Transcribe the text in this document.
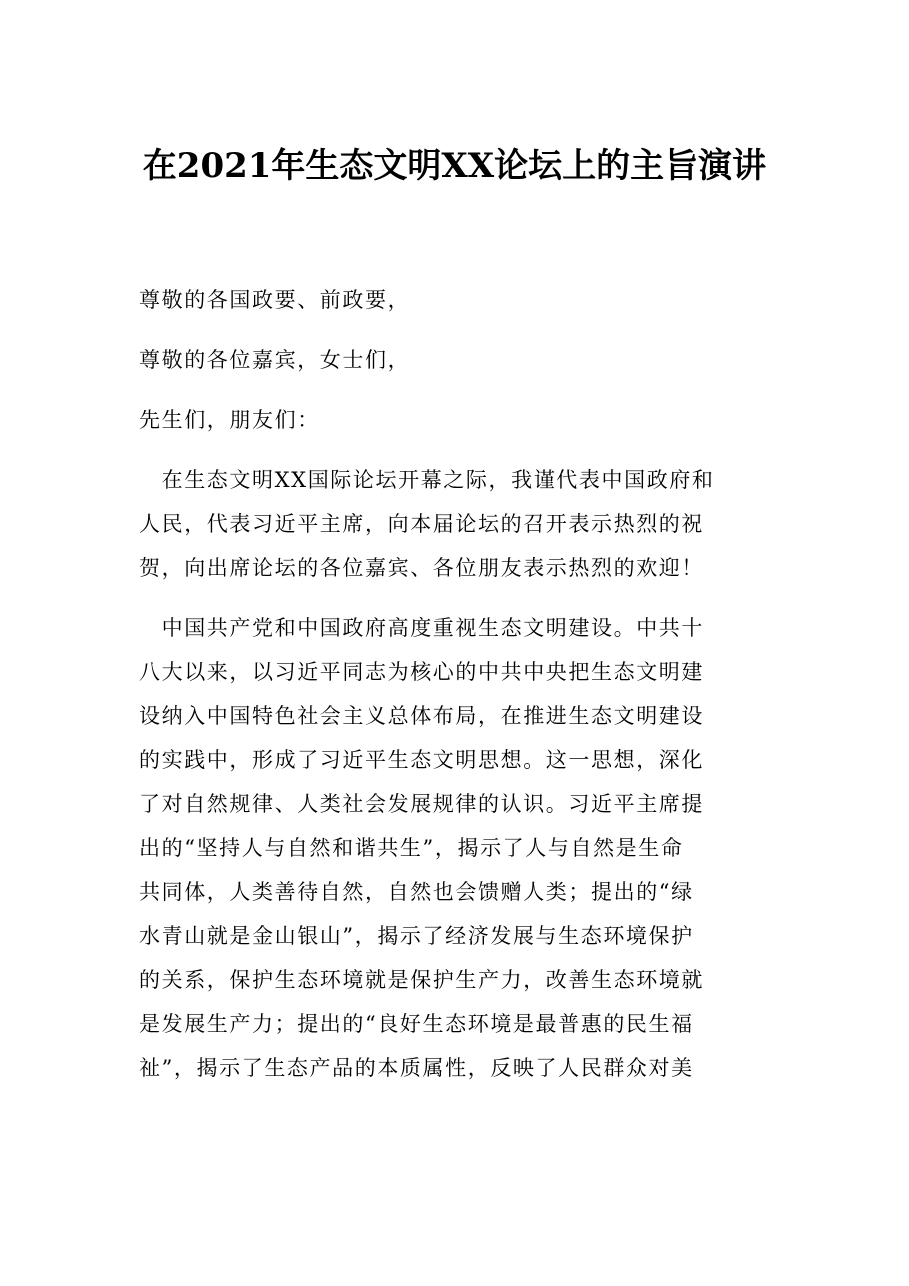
在2021年生态文明XX论坛上的主旨演讲

尊敬的各国政要、前政要，

尊敬的各位嘉宾，女士们，

先生们，朋友们：

　在生态文明XX国际论坛开幕之际，我谨代表中国政府和

人民，代表习近平主席，向本届论坛的召开表示热烈的祝

贺，向出席论坛的各位嘉宾、各位朋友表示热烈的欢迎！

　中国共产党和中国政府高度重视生态文明建设。中共十

八大以来，以习近平同志为核心的中共中央把生态文明建

设纳入中国特色社会主义总体布局，在推进生态文明建设

的实践中，形成了习近平生态文明思想。这一思想，深化

了对自然规律、人类社会发展规律的认识。习近平主席提

出的“坚持人与自然和谐共生”，揭示了人与自然是生命

共同体，人类善待自然，自然也会馈赠人类；提出的“绿

水青山就是金山银山”，揭示了经济发展与生态环境保护

的关系，保护生态环境就是保护生产力，改善生态环境就

是发展生产力；提出的“良好生态环境是最普惠的民生福

祉”，揭示了生态产品的本质属性，反映了人民群众对美
